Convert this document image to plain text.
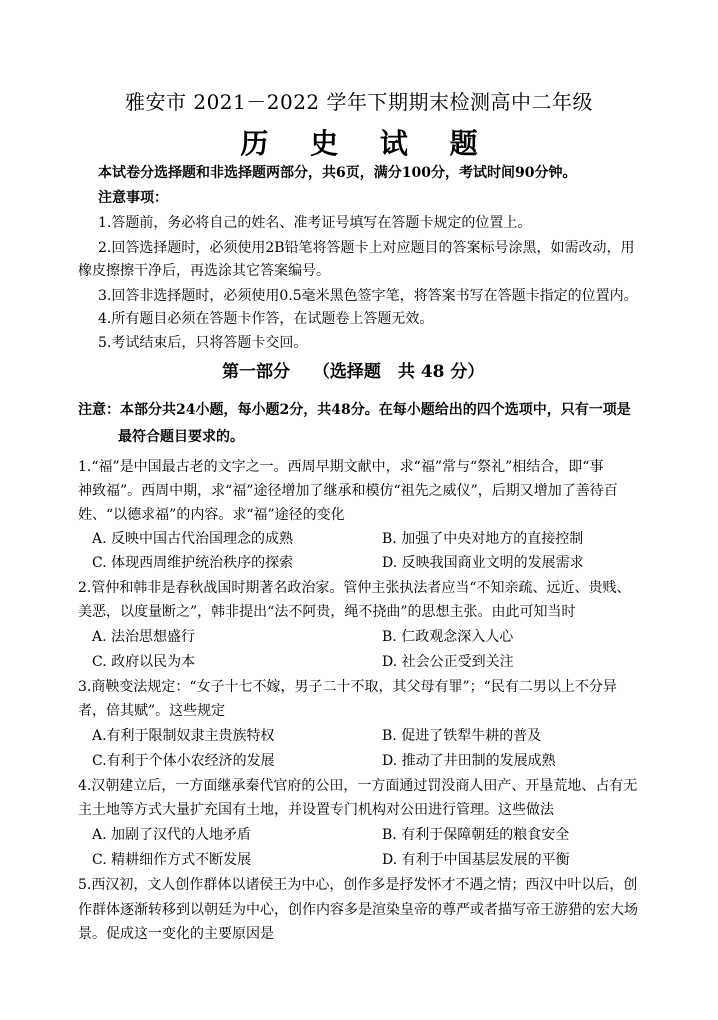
雅安市 2021－2022 学年下期期末检测高中二年级
历 史 试 题
本试卷分选择题和非选择题两部分，共6页，满分100分，考试时间90分钟。
注意事项：
1.答题前，务必将自己的姓名、准考证号填写在答题卡规定的位置上。
2.回答选择题时，必须使用2B铅笔将答题卡上对应题目的答案标号涂黑，如需改动，用
橡皮擦擦干净后，再选涂其它答案编号。
3.回答非选择题时，必须使用0.5毫米黑色签字笔，将答案书写在答题卡指定的位置内。
4.所有题目必须在答题卡作答，在试题卷上答题无效。
5.考试结束后，只将答题卡交回。
第一部分　 （选择题　共 48 分）
注意：本部分共24小题，每小题2分，共48分。在每小题给出的四个选项中，只有一项是
最符合题目要求的。
1.“福”是中国最古老的文字之一。西周早期文献中，求“福”常与“祭礼”相结合，即“事
神致福”。西周中期，求“福”途径增加了继承和模仿“祖先之威仪”，后期又增加了善待百
姓、“以德求福”的内容。求“福”途径的变化
A. 反映中国古代治国理念的成熟	B. 加强了中央对地方的直接控制
C. 体现西周维护统治秩序的探索	D. 反映我国商业文明的发展需求
2.管仲和韩非是春秋战国时期著名政治家。管仲主张执法者应当“不知亲疏、远近、贵贱、
美恶，以度量断之”，韩非提出“法不阿贵，绳不挠曲”的思想主张。由此可知当时
A. 法治思想盛行	B. 仁政观念深入人心
C. 政府以民为本	D. 社会公正受到关注
3.商鞅变法规定：“女子十七不嫁，男子二十不取，其父母有罪”；“民有二男以上不分异
者，倍其赋”。这些规定
A.有利于限制奴隶主贵族特权	B. 促进了铁犁牛耕的普及
C.有利于个体小农经济的发展	D. 推动了井田制的发展成熟
4.汉朝建立后，一方面继承秦代官府的公田，一方面通过罚没商人田产、开垦荒地、占有无
主土地等方式大量扩充国有土地，并设置专门机构对公田进行管理。这些做法
A. 加剧了汉代的人地矛盾	B. 有利于保障朝廷的粮食安全
C. 精耕细作方式不断发展	D. 有利于中国基层发展的平衡
5.西汉初，文人创作群体以诸侯王为中心，创作多是抒发怀才不遇之情；西汉中叶以后，创
作群体逐渐转移到以朝廷为中心，创作内容多是渲染皇帝的尊严或者描写帝王游猎的宏大场
景。促成这一变化的主要原因是
